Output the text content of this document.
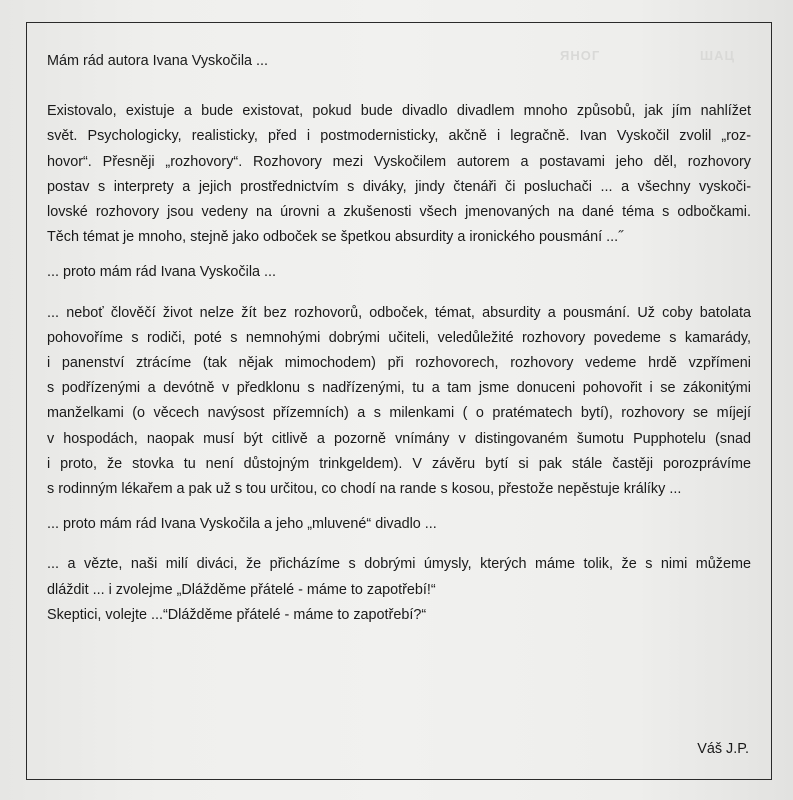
ЯНОГ	ШАЦ

Mám rád autora Ivana Vyskočila ...

Existovalo, existuje a bude existovat, pokud bude divadlo divadlem mnoho způsobů, jak jím nahlížet

svět. Psychologicky, realisticky, před i postmodernisticky, akčně i legračně. Ivan Vyskočil zvolil „roz-

hovor“. Přesněji „rozhovory“. Rozhovory mezi Vyskočilem autorem a postavami jeho děl, rozhovory

postav s interprety a jejich prostřednictvím s diváky, jindy čtenáři či posluchači ... a všechny vyskoči-

lovské rozhovory jsou vedeny na úrovni a zkušenosti všech jmenovaných na dané téma s odbočkami.

Těch témat je mnoho, stejně jako odboček se špetkou absurdity a ironického pousmání ...˝

... proto mám rád Ivana Vyskočila ...

... neboť člověčí život nelze žít bez rozhovorů, odboček, témat, absurdity a pousmání. Už coby batolata

pohovoříme s rodiči, poté s nemnohými dobrými učiteli, veledůležité rozhovory povedeme s kamarády,

i panenství ztrácíme (tak nějak mimochodem) při rozhovorech, rozhovory vedeme hrdě vzpřímeni

s podřízenými a devótně v předklonu s nadřízenými, tu a tam jsme donuceni pohovořit i se zákonitými

manželkami (o věcech navýsost přízemních) a s milenkami ( o pratématech bytí), rozhovory se míjejí

v hospodách, naopak musí být citlivě a pozorně vnímány v distingovaném šumotu Pupphotelu (snad

i proto, že stovka tu není důstojným trinkgeldem). V závěru bytí si pak stále častěji porozprávíme

s rodinným lékařem a pak už s tou určitou, co chodí na rande s kosou, přestože nepěstuje králíky ...

... proto mám rád Ivana Vyskočila a jeho „mluvené“ divadlo ...

... a vězte, naši milí diváci, že přicházíme s dobrými úmysly, kterých máme tolik, že s nimi můžeme

dláždit ... i zvolejme „Dlážděme přátelé - máme to zapotřebí!“

Skeptici, volejte ...“Dlážděme přátelé - máme to zapotřebí?“

Váš J.P.
